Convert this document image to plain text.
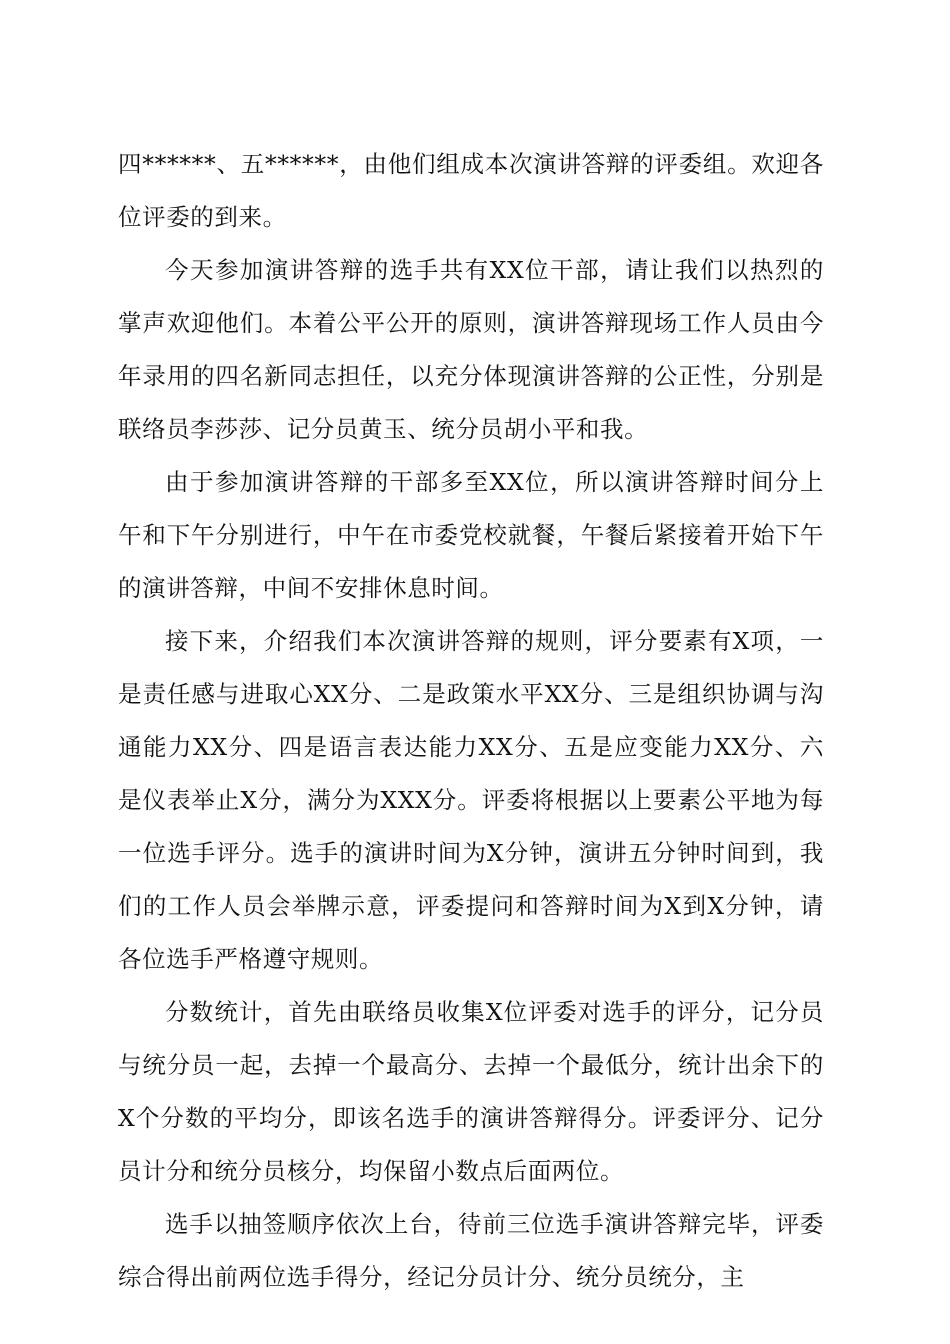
四******、五******，由他们组成本次演讲答辩的评委组。欢迎各位评委的到来。

今天参加演讲答辩的选手共有XX位干部，请让我们以热烈的掌声欢迎他们。本着公平公开的原则，演讲答辩现场工作人员由今年录用的四名新同志担任，以充分体现演讲答辩的公正性，分别是联络员李莎莎、记分员黄玉、统分员胡小平和我。

由于参加演讲答辩的干部多至XX位，所以演讲答辩时间分上午和下午分别进行，中午在市委党校就餐，午餐后紧接着开始下午的演讲答辩，中间不安排休息时间。

接下来，介绍我们本次演讲答辩的规则，评分要素有X项，一是责任感与进取心XX分、二是政策水平XX分、三是组织协调与沟通能力XX分、四是语言表达能力XX分、五是应变能力XX分、六是仪表举止X分，满分为XXX分。评委将根据以上要素公平地为每一位选手评分。选手的演讲时间为X分钟，演讲五分钟时间到，我们的工作人员会举牌示意，评委提问和答辩时间为X到X分钟，请各位选手严格遵守规则。

分数统计，首先由联络员收集X位评委对选手的评分，记分员与统分员一起，去掉一个最高分、去掉一个最低分，统计出余下的X个分数的平均分，即该名选手的演讲答辩得分。评委评分、记分员计分和统分员核分，均保留小数点后面两位。

选手以抽签顺序依次上台，待前三位选手演讲答辩完毕，评委综合得出前两位选手得分，经记分员计分、统分员统分，主
